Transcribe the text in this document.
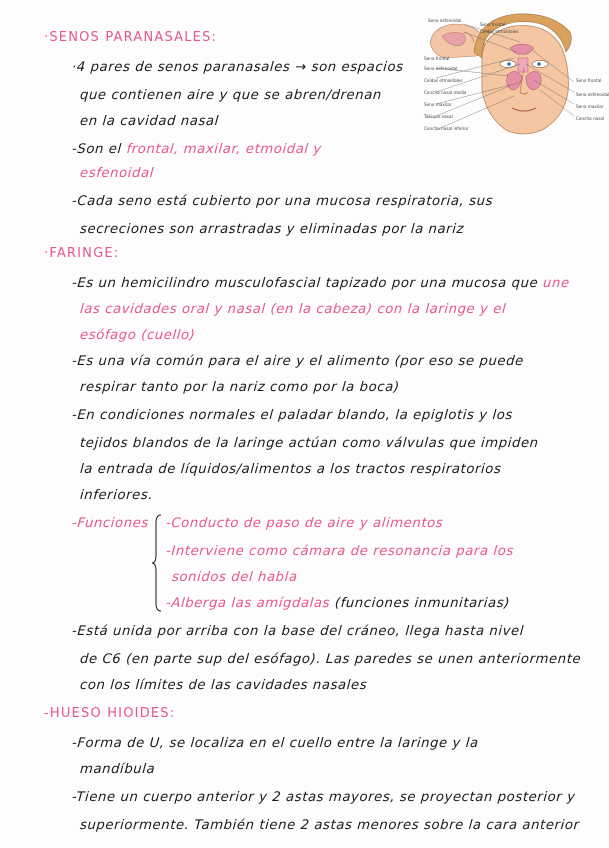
Seno esfenoidal
Seno frontal
Celdas etmoidales
Seno frontal
Seno esfenoidal
Celdas etmoidales
Concha nasal media
Seno maxilar
Tabique nasal
Concha nasal inferior
Seno frontal
Seno esfenoidal
Seno maxilar
Concha nasal
·SENOS PARANASALES:
·4 pares de senos paranasales → son espacios
que contienen aire y que se abren/drenan
en la cavidad nasal
-Son el frontal, maxilar, etmoidal y
esfenoidal
-Cada seno está cubierto por una mucosa respiratoria, sus
secreciones son arrastradas y eliminadas por la nariz
·FARINGE:
-Es un hemicilindro musculofascial tapizado por una mucosa que une
las cavidades oral y nasal (en la cabeza) con la laringe y el
esófago (cuello)
-Es una vía común para el aire y el alimento (por eso se puede
respirar tanto por la nariz como por la boca)
-En condiciones normales el paladar blando, la epiglotis y los
tejidos blandos de la laringe actúan como válvulas que impiden
la entrada de líquidos/alimentos a los tractos respiratorios
inferiores.
-Funciones -Conducto de paso de aire y alimentos
-Interviene como cámara de resonancia para los
sonidos del habla
-Alberga las amígdalas (funciones inmunitarias)
-Está unida por arriba con la base del cráneo, llega hasta nivel
de C6 (en parte sup del esófago). Las paredes se unen anteriormente
con los límites de las cavidades nasales
-HUESO HIOIDES:
-Forma de U, se localiza en el cuello entre la laringe y la
mandíbula
-Tiene un cuerpo anterior y 2 astas mayores, se proyectan posterior y
superiormente. También tiene 2 astas menores sobre la cara anterior
